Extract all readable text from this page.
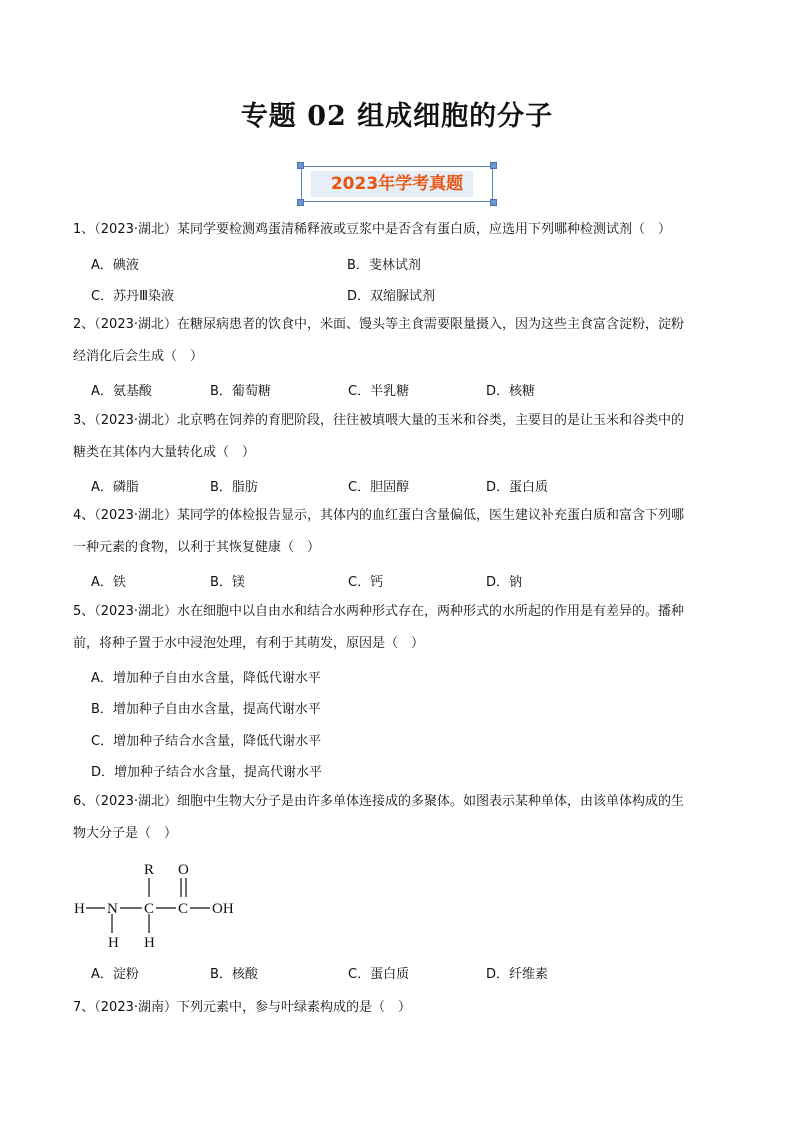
专题 02 组成细胞的分子
2023年学考真题
1、（2023·湖北）某同学要检测鸡蛋清稀释液或豆浆中是否含有蛋白质，应选用下列哪种检测试剂（　）
A．碘液	B．斐林试剂
C．苏丹Ⅲ染液	D．双缩脲试剂
2、（2023·湖北）在糖尿病患者的饮食中，米面、馒头等主食需要限量摄入，因为这些主食富含淀粉，淀粉
经消化后会生成（　）
A．氨基酸	B．葡萄糖	C．半乳糖	D．核糖
3、（2023·湖北）北京鸭在饲养的育肥阶段，往往被填喂大量的玉米和谷类，主要目的是让玉米和谷类中的
糖类在其体内大量转化成（　）
A．磷脂	B．脂肪	C．胆固醇	D．蛋白质
4、（2023·湖北）某同学的体检报告显示，其体内的血红蛋白含量偏低，医生建议补充蛋白质和富含下列哪
一种元素的食物，以利于其恢复健康（　）
A．铁	B．镁	C．钙	D．钠
5、（2023·湖北）水在细胞中以自由水和结合水两种形式存在，两种形式的水所起的作用是有差异的。播种
前，将种子置于水中浸泡处理，有利于其萌发，原因是（　）
A．增加种子自由水含量，降低代谢水平
B．增加种子自由水含量，提高代谢水平
C．增加种子结合水含量，降低代谢水平
D．增加种子结合水含量，提高代谢水平
6、（2023·湖北）细胞中生物大分子是由许多单体连接成的多聚体。如图表示某种单体，由该单体构成的生
物大分子是（　）
R O
H N C C OH
H H
A．淀粉	B．核酸	C．蛋白质	D．纤维素
7、（2023·湖南）下列元素中，参与叶绿素构成的是（　）
